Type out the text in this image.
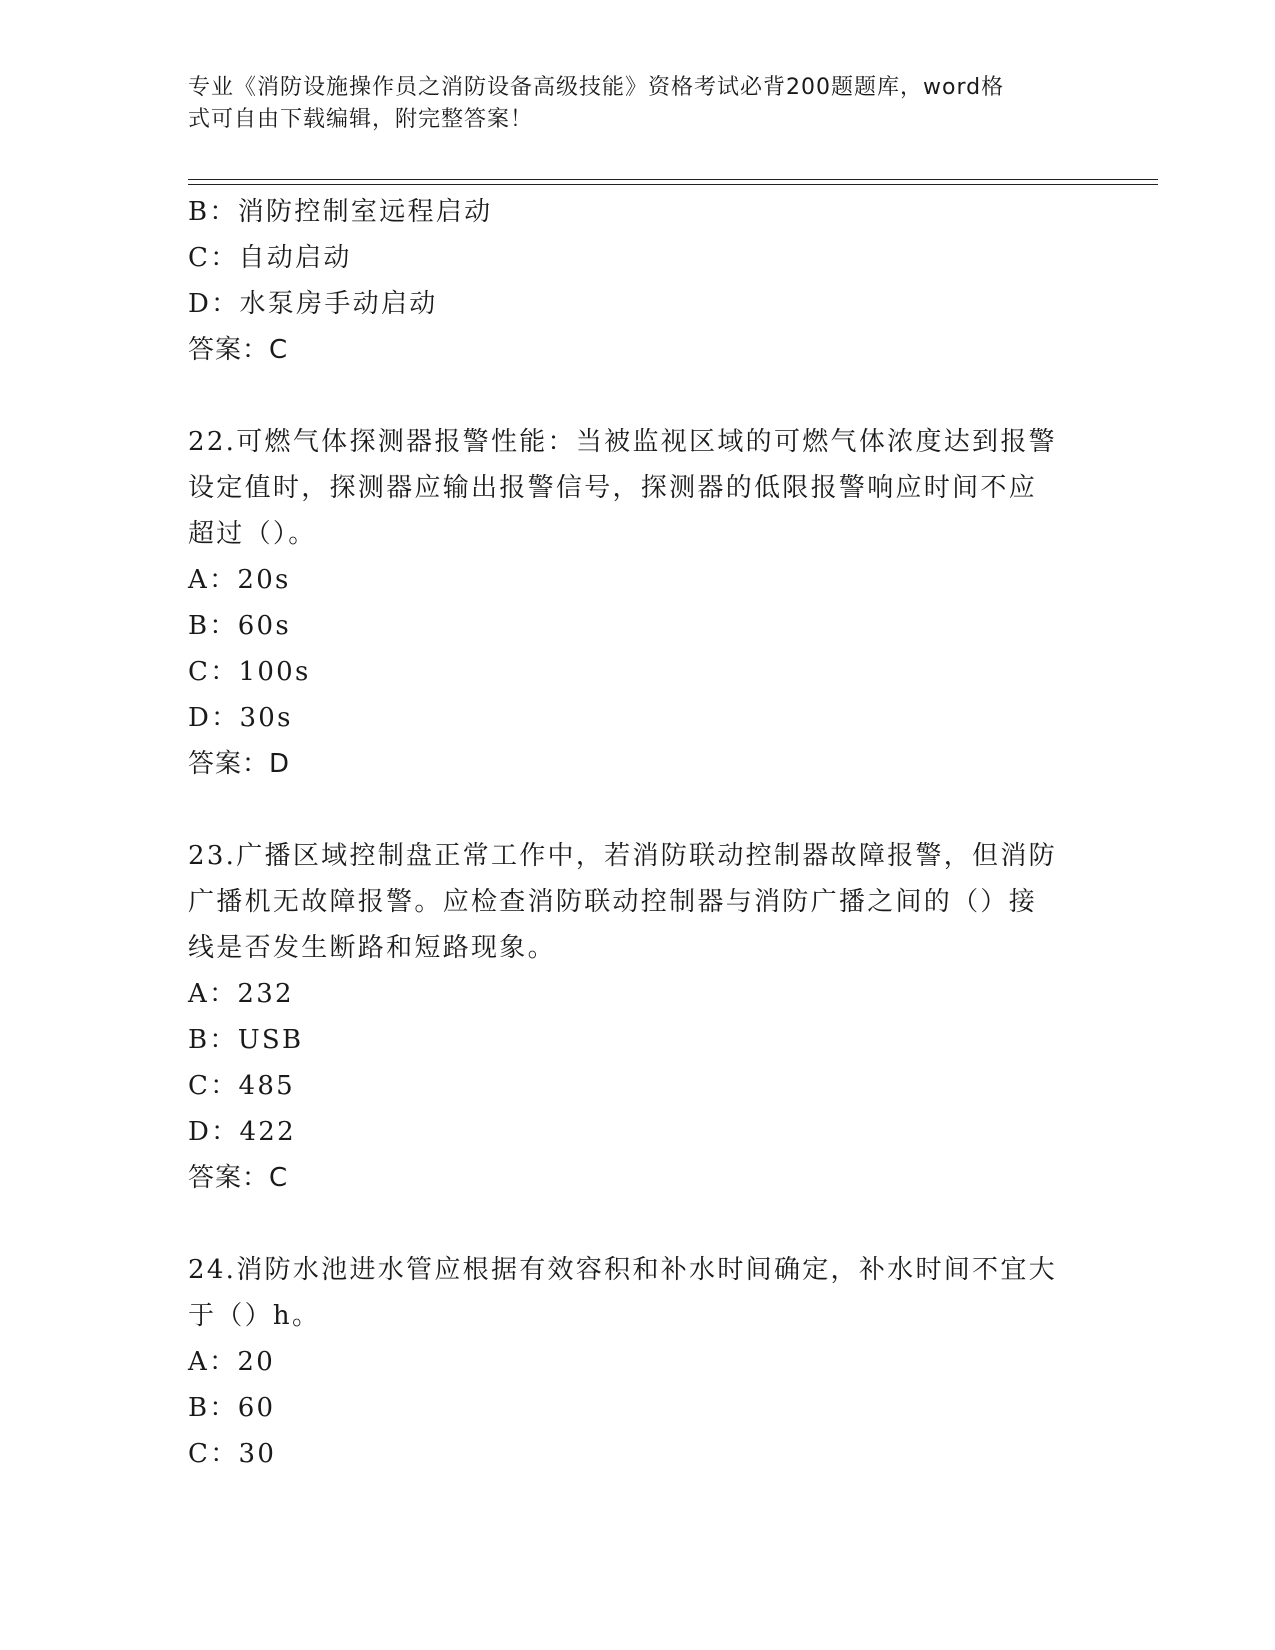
专业《消防设施操作员之消防设备高级技能》资格考试必背200题题库，word格
式可自由下载编辑，附完整答案！
B：消防控制室远程启动
C：自动启动
D：水泵房手动启动
答案：C
22.可燃气体探测器报警性能：当被监视区域的可燃气体浓度达到报警
设定值时，探测器应输出报警信号，探测器的低限报警响应时间不应
超过（）。
A：20s
B：60s
C：100s
D：30s
答案：D
23.广播区域控制盘正常工作中，若消防联动控制器故障报警，但消防
广播机无故障报警。应检查消防联动控制器与消防广播之间的（）接
线是否发生断路和短路现象。
A：232
B：USB
C：485
D：422
答案：C
24.消防水池进水管应根据有效容积和补水时间确定，补水时间不宜大
于（）h。
A：20
B：60
C：30
